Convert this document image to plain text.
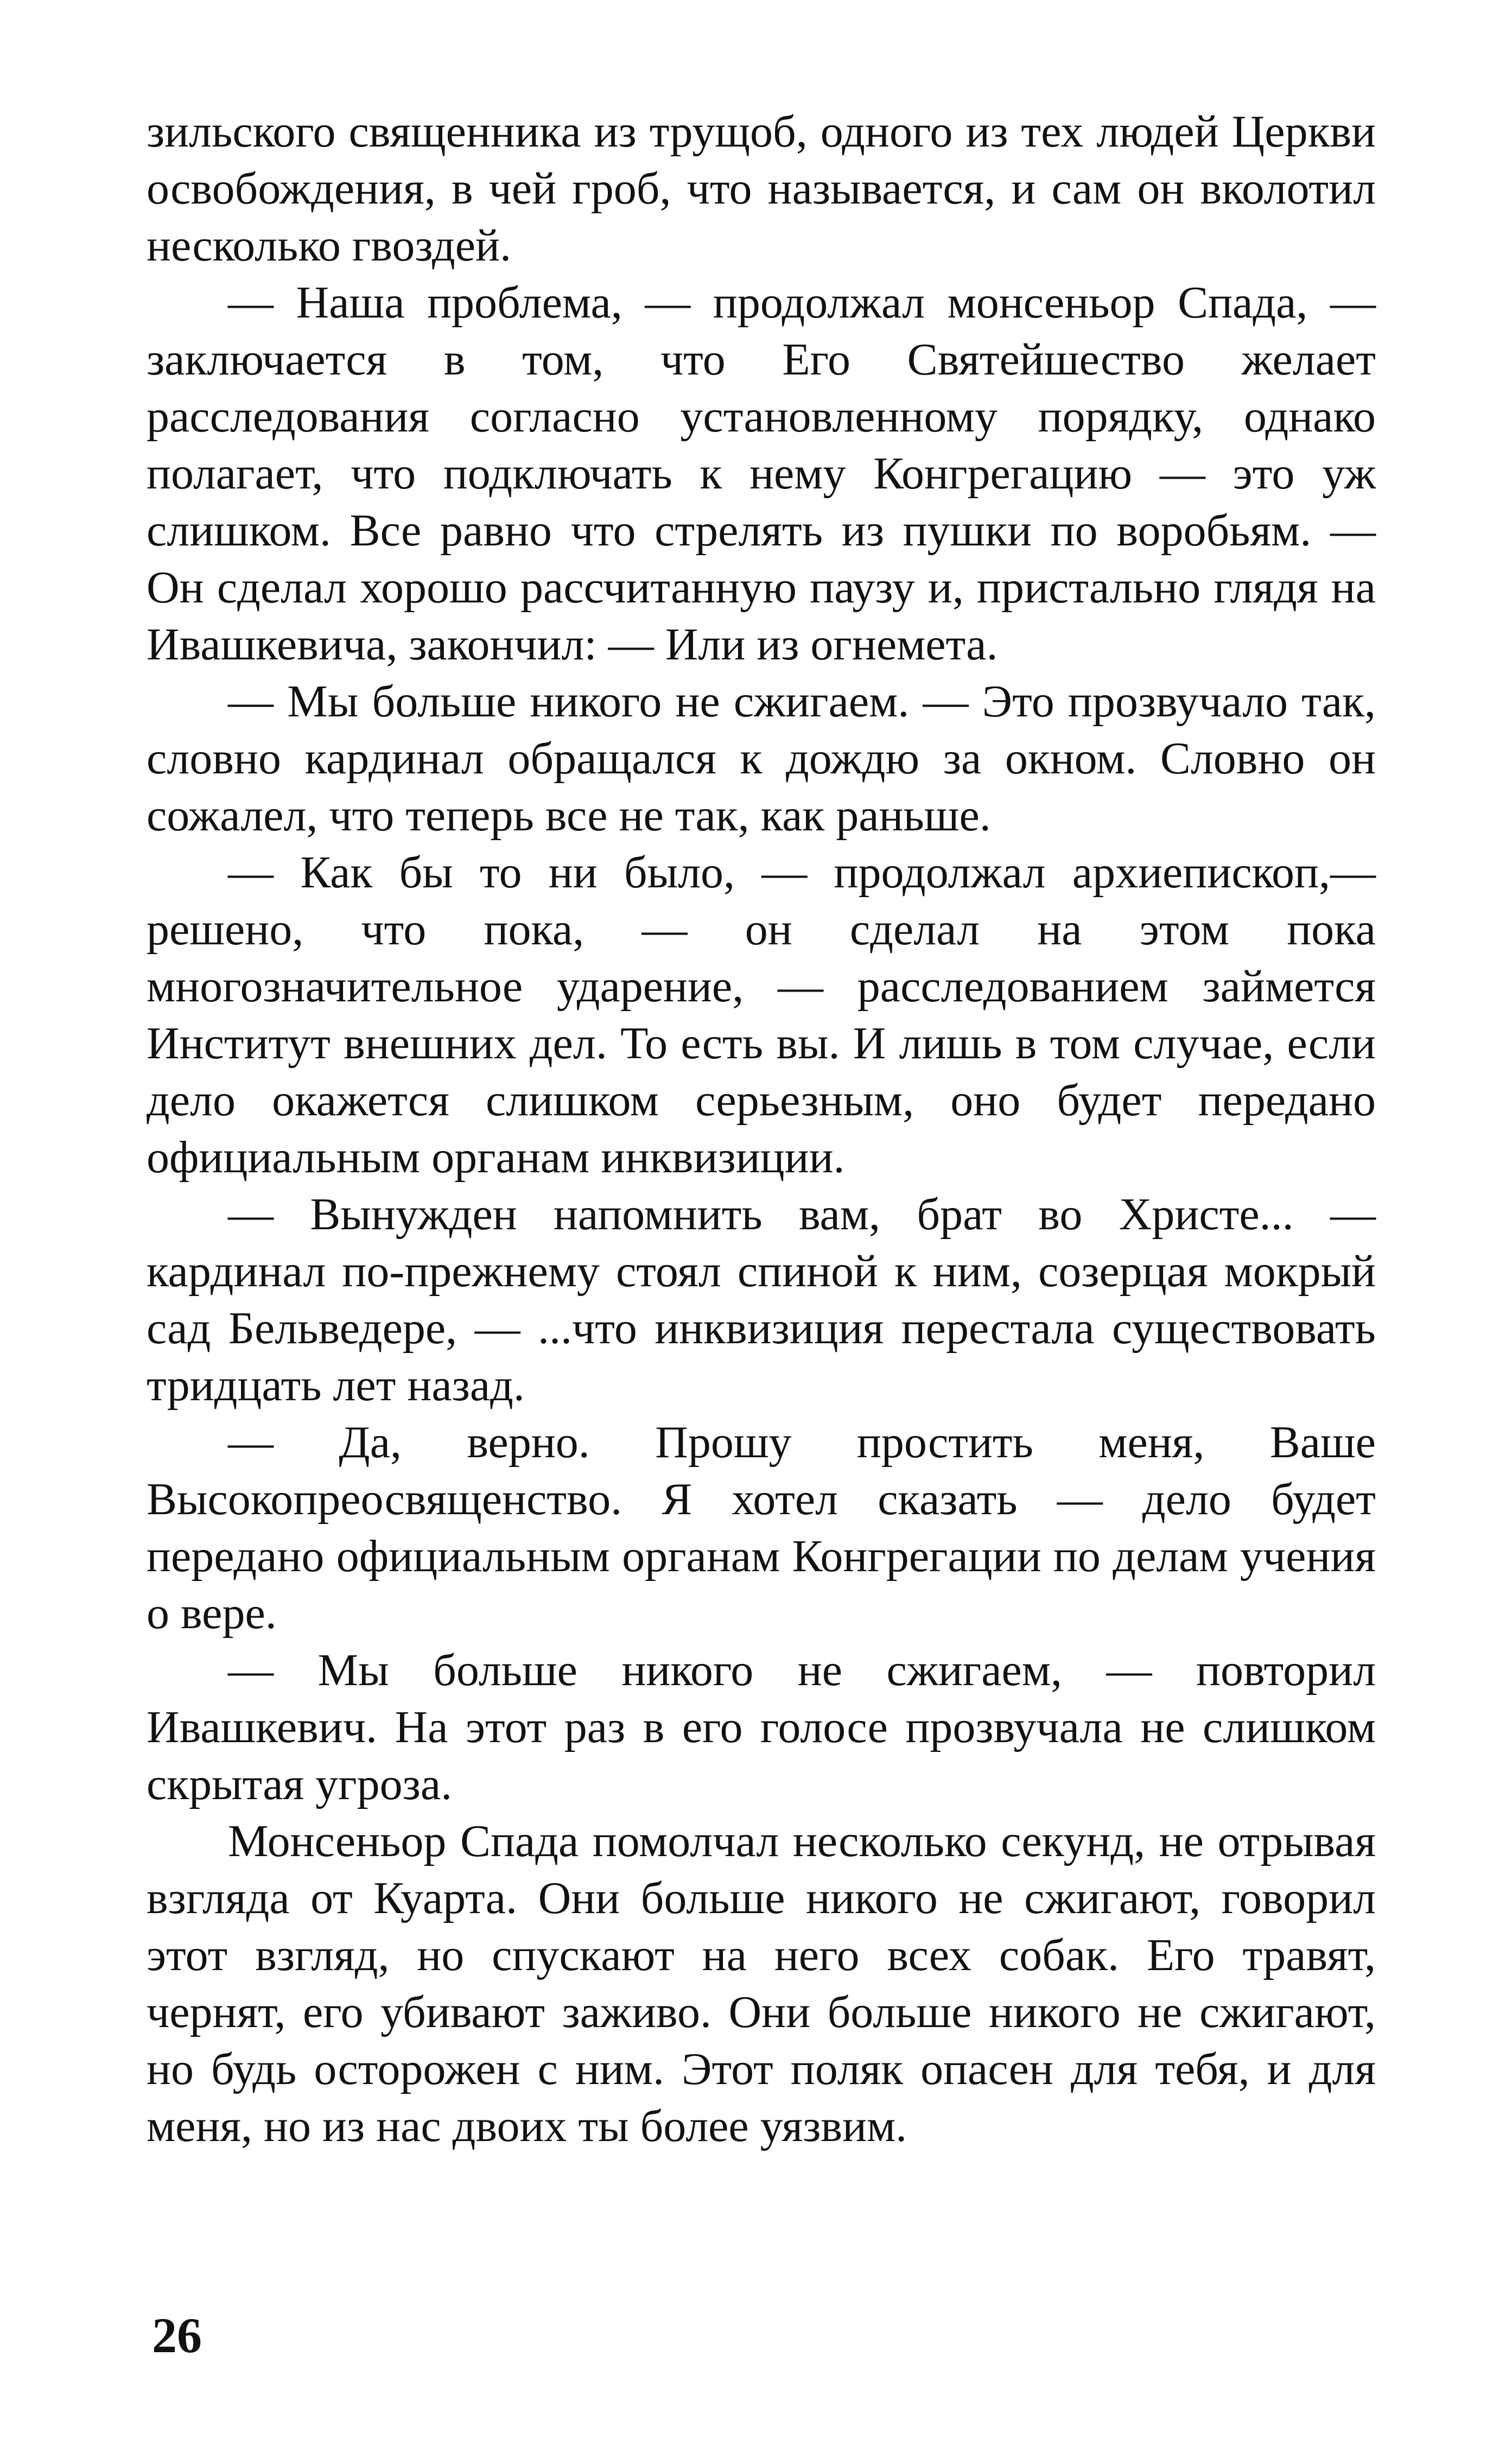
зильского священника из трущоб, одного из тех людей Церкви освобождения, в чей гроб, что называется, и сам он вколотил несколько гвоздей.

— Наша проблема, — продолжал монсеньор Спада, — заключается в том, что Его Святейшество желает расследования согласно установленному порядку, однако полагает, что подключать к нему Конгрегацию — это уж слишком. Все равно что стрелять из пушки по воробьям. — Он сделал хорошо рассчитанную паузу и, пристально глядя на Ивашкевича, закончил: — Или из огнемета.

— Мы больше никого не сжигаем. — Это прозвучало так, словно кардинал обращался к дождю за окном. Словно он сожалел, что теперь все не так, как раньше.

— Как бы то ни было, — продолжал архиепископ,— решено, что пока, — он сделал на этом пока многозначительное ударение, — расследованием займется Институт внешних дел. То есть вы. И лишь в том случае, если дело окажется слишком серьезным, оно будет передано официальным органам инквизиции.

— Вынужден напомнить вам, брат во Христе... — кардинал по-прежнему стоял спиной к ним, созерцая мокрый сад Бельведере, — ...что инквизиция перестала существовать тридцать лет назад.

— Да, верно. Прошу простить меня, Ваше Высокопреосвященство. Я хотел сказать — дело будет передано официальным органам Конгрегации по делам учения о вере.

— Мы больше никого не сжигаем, — повторил Ивашкевич. На этот раз в его голосе прозвучала не слишком скрытая угроза.

Монсеньор Спада помолчал несколько секунд, не отрывая взгляда от Куарта. Они больше никого не сжигают, говорил этот взгляд, но спускают на него всех собак. Его травят, чернят, его убивают заживо. Они больше никого не сжигают, но будь осторожен с ним. Этот поляк опасен для тебя, и для меня, но из нас двоих ты более уязвим.

26
